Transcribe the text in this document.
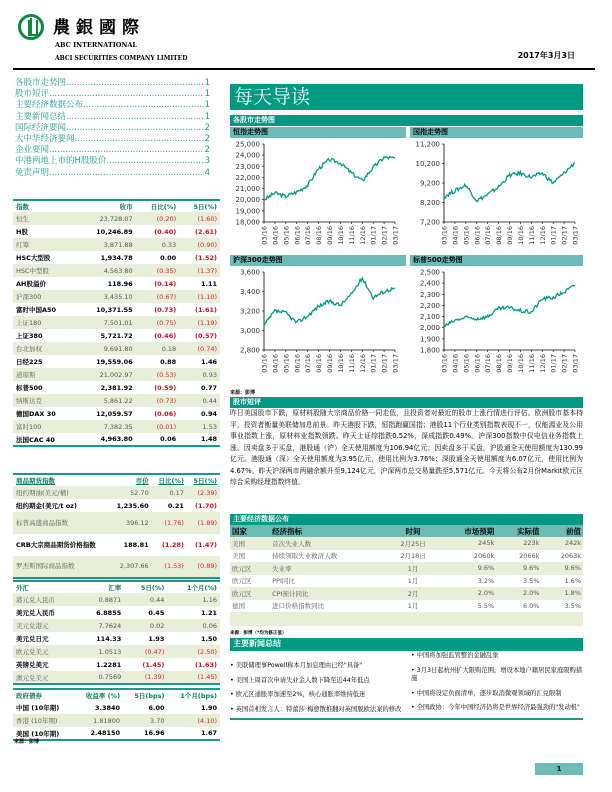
農銀國際
ABC INTERNATIONAL
ABCI SECURITIES COMPANY LIMITED	2017年3月3日
各股市走势图 .....	1
股市短评 .....	1
主要经济数据公布 .....	1
主要新闻总结 .....	1
国际经济要闻 .....	2
大中华经济要闻 .....	2
企业要闻 .....	2
中港两地上市的H股股价 .....	3
免责声明 .....	4
指数	收市	日比(%)	5日(%)
恒生	23,728.07	(0.20)	(1.60)
H股	10,246.89	(0.40)	(2.61)
红筹	3,871.88	0.33	(0.90)
HSC大型股	1,934.78	0.00	(1.52)
HSC中型股	4,563.80	(0.35)	(1.37)
AH股溢价	118.96	(0.14)	1.11
沪深300	3,435.10	(0.67)	(1.10)
富时中国A50	10,371.55	(0.73)	(1.61)
上证180	7,501.01	(0.75)	(1.19)
上证380	5,721.72	(0.46)	(0.57)
台北加权	9,691.80	0.18	(0.74)
日经225	19,559.06	0.88	1.46
道琼斯	21,002.97	(0.53)	0.93
标普500	2,381.92	(0.59)	0.77
纳斯达克	5,861.22	(0.73)	0.44
德国DAX 30	12,059.57	(0.06)	0.94
富时100	7,382.35	(0.01)	1.53
法国CAC 40	4,963.80	0.06	1.48
商品期货指数	市价	日比(%)	5日(%)
纽约期油(美元/桶)	52.70	0.17	(2.39)
纽约期金(美元/t oz)	1,235.60	0.21	(1.70)
标普高盛商品指数	396.12	(1.76)	(1.89)
CRB大宗商品期货价格指数	188.81	(1.28)	(1.47)
罗杰斯国际商品指数	2,307.66	(1.53)	(0.89)
外汇	汇率	5日(%)	1个月(%)
港元兑人民币	0.8871	0.44	1.16
美元兑人民币	6.8855	0.45	1.21
美元兑港元	7.7624	0.02	0.06
美元兑日元	114.33	1.93	1.50
欧元兑美元	1.0513	(0.47)	(2.50)
英镑兑美元	1.2281	(1.45)	(1.63)
澳元兑美元	0.7569	(1.39)	(1.45)
政府债券	收益率 (%)	5日(bps)	1个月(bps)
中国 (10年期)	3.3840	6.00	1.90
香港 (10年期)	1.81800	3.70	(4.10)
美国 (10年期)	2.48150	16.96	1.67
来源：彭博
每天导读
各股市走势图
恒指走势图	国指走势图
18,000
19,000
20,000
21,000
22,000
23,000
24,000
25,000
03/16 04/16 05/16 06/16 07/16 08/16 09/16 10/16 11/16 12/16 01/17 02/17 03/17
7,200
8,200
9,200
10,200
11,200
03/16 04/16 05/16 06/16 07/16 08/16 09/16 10/16 11/16 12/16 01/17 02/17 03/17
沪深300走势图	标普500走势图
2,800
3,000
3,200
3,400
3,600
03/16 04/16 05/16 06/16 07/16 08/16 09/16 10/16 11/16 12/16 01/17 02/17 03/17
1,800
1,900
2,000
2,100
2,200
2,300
2,400
2,500
03/16 04/16 05/16 06/16 07/16 08/16 09/16 10/16 11/16 12/16 01/17 02/17 03/17
来源：彭博
股市短评
昨日美国股市下跌，原材料股随大宗商品价格一同走低，且投资者对最近的股市上涨行情进行评估。欧洲股市基本持平，投资者衡量美联储加息前景。昨天港股下跌，恒指跑赢国指；港股11个行业类别指数表现不一，仅能源业及公用事业指数上涨，原材料业指数领跌。昨天上证综指跌0.52%，深成指跌0.49%。沪深300指数中仅电信业务指数上涨。因卖盘多于买盘，港股通（沪）全天使用额度为106.94亿元；因卖盘多于买盘，沪股通全天使用额度为130.99亿元。港股通（深）全天使用额度为3.95亿元，使用比例为3.76%；深股通全天使用额度为6.07亿元，使用比例为4.67%。昨天沪深两市两融余额升至9,124亿元，沪深两市总交易量跌至5,571亿元。今天将公布2月份Markit欧元区综合采购经理指数终值。
主要经济数据公布
国家	经济指标	时间	市场预期	实际值	前值
美国	首次失业人数	2月25日	245k	223k	242k
美国	持续领取失业救济人数	2月18日	2060k	2066k	2063k
欧元区	失业率	1月	9.6%	9.6%	9.6%
欧元区	PPI同比	1月	3.2%	3.5%	1.6%
欧元区	CPI预计同比	2月	2.0%	2.0%	1.8%
德国	进口价格指数同比	1月	5.5%	6.0%	3.5%

来源：彭博（*均为修正值）
主要新闻总结
• 美联储理事Powell称本月加息理由已经"具备"
• 美国上周首次申请失业金人数下降至近44年低点
• 欧元区通胀率加速至2%，核心通胀率维持低迷
• 英国首相发言人：特蕾莎·梅愈散推翻对英国脱欧法案的修改
• 中国将加强监管整治金融乱象
• 3月3日起杭州扩大限购范围，增设本地户籍居民家庭限购措施
• 中国将设定负面清单，逐步取消微观领域的汇兑限制
• 全国政协：今年中国经济仍将是世界经济最强劲的"发动机"
1
